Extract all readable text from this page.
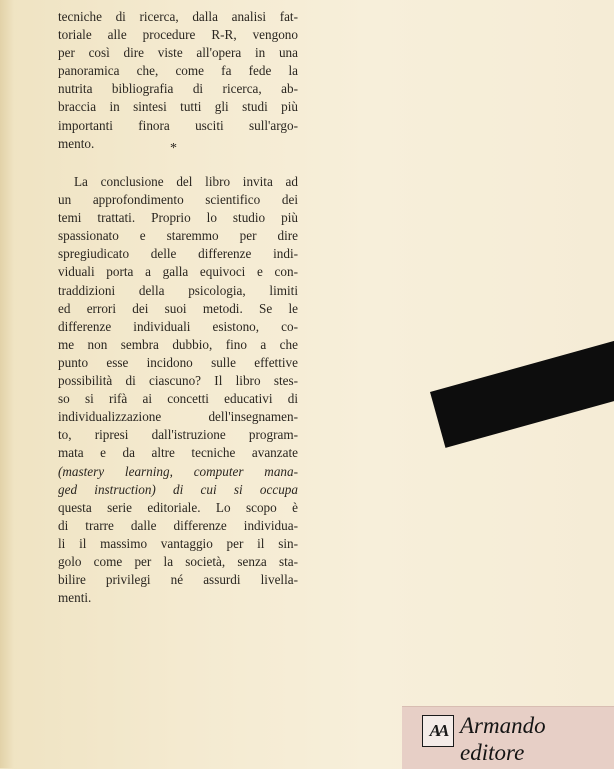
tecniche di ricerca, dalla analisi fat-
toriale alle procedure R-R, vengono
per così dire viste all'opera in una
panoramica che, come fa fede la
nutrita bibliografia di ricerca, ab-
braccia in sintesi tutti gli studi più
importanti finora usciti sull'argo-
mento.	*
La conclusione del libro invita ad
un approfondimento scientifico dei
temi trattati. Proprio lo studio più
spassionato e staremmo per dire
spregiudicato delle differenze indi-
viduali porta a galla equivoci e con-
traddizioni della psicologia, limiti
ed errori dei suoi metodi. Se le
differenze individuali esistono, co-
me non sembra dubbio, fino a che
punto esse incidono sulle effettive
possibilità di ciascuno? Il libro stes-
so si rifà ai concetti educativi di
individualizzazione dell'insegnamen-
to, ripresi dall'istruzione program-
mata e da altre tecniche avanzate
(mastery learning, computer mana-
ged instruction) di cui si occupa
questa serie editoriale. Lo scopo è
di trarre dalle differenze individua-
li il massimo vantaggio per il sin-
golo come per la società, senza sta-
bilire privilegi né assurdi livella-
menti.
AA Armando
editore
